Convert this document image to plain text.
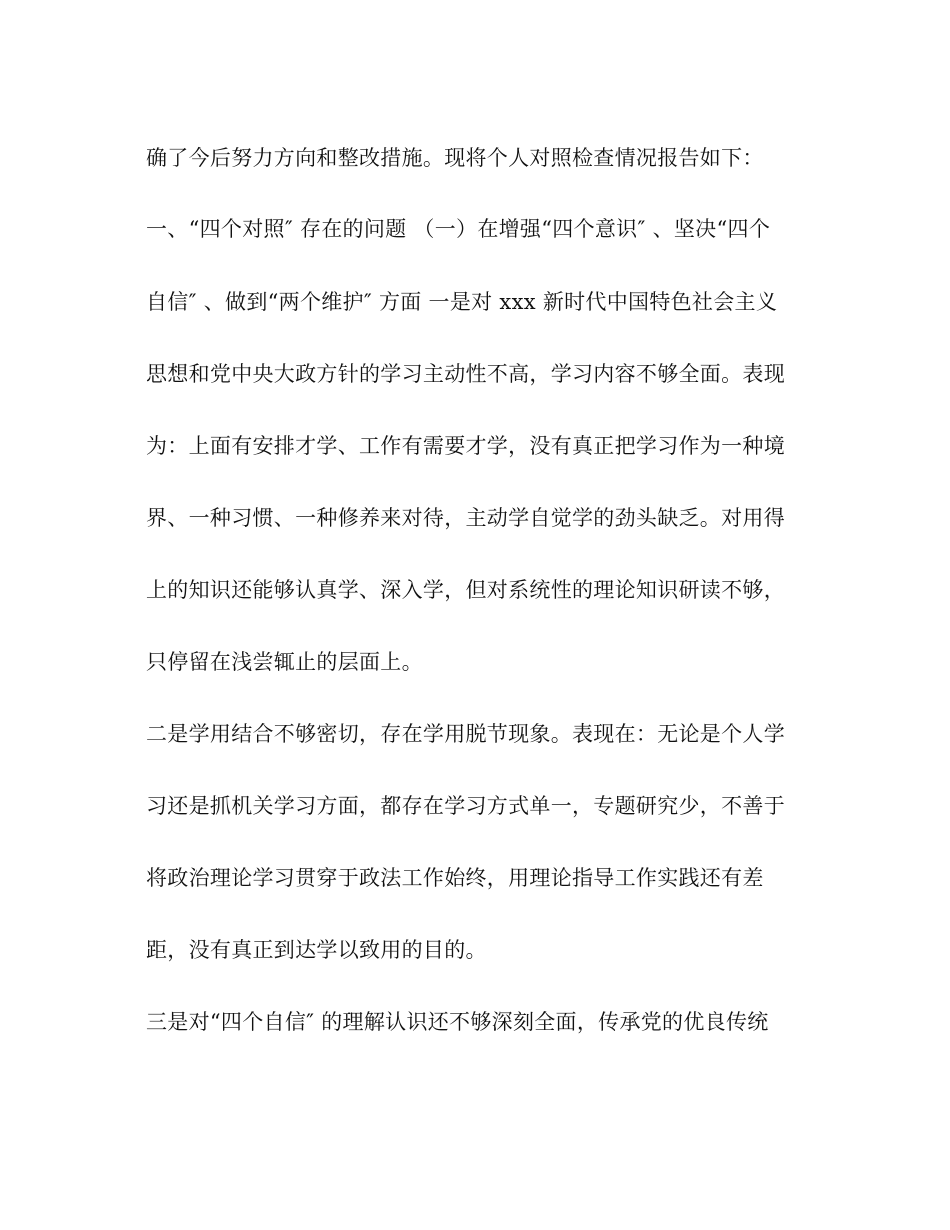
确了今后努力方向和整改措施。现将个人对照检查情况报告如下：
一、“四个对照″ 存在的问题 （一）在增强“四个意识″ 、坚决“四个
自信″ 、做到“两个维护″ 方面 一是对 xxx 新时代中国特色社会主义
思想和党中央大政方针的学习主动性不高，学习内容不够全面。表现
为：上面有安排才学、工作有需要才学，没有真正把学习作为一种境
界、一种习惯、一种修养来对待，主动学自觉学的劲头缺乏。对用得
上的知识还能够认真学、深入学，但对系统性的理论知识研读不够，
只停留在浅尝辄止的层面上。
二是学用结合不够密切，存在学用脱节现象。表现在：无论是个人学
习还是抓机关学习方面，都存在学习方式单一，专题研究少，不善于
将政治理论学习贯穿于政法工作始终，用理论指导工作实践还有差
距，没有真正到达学以致用的目的。
三是对“四个自信″ 的理解认识还不够深刻全面，传承党的优良传统
